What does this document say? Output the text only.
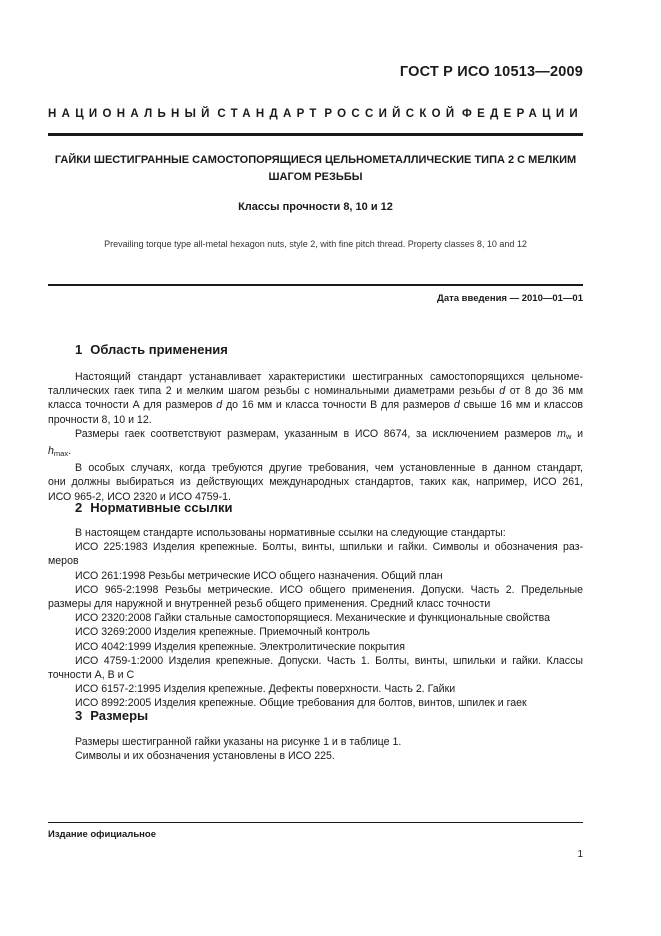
ГОСТ Р ИСО 10513—2009
НАЦИОНАЛЬНЫЙ СТАНДАРТ РОССИЙСКОЙ ФЕДЕРАЦИИ
ГАЙКИ ШЕСТИГРАННЫЕ САМОСТОПОРЯЩИЕСЯ ЦЕЛЬНОМЕТАЛЛИЧЕСКИЕ ТИПА 2 С МЕЛКИМ
ШАГОМ РЕЗЬБЫ
Классы прочности 8, 10 и 12
Prevailing torque type all-metal hexagon nuts, style 2, with fine pitch thread. Property classes 8, 10 and 12
Дата введения — 2010—01—01
1 Область применения
Настоящий стандарт устанавливает характеристики шестигранных самостопорящихся цельноме-
таллических гаек типа 2 и мелким шагом резьбы с номинальными диаметрами резьбы d от 8 до 36 мм
класса точности А для размеров d до 16 мм и класса точности В для размеров d свыше 16 мм и классов
прочности 8, 10 и 12.
Размеры гаек соответствуют размерам, указанным в ИСО 8674, за исключением размеров $m_w$ и
$h_{max}$.
В особых случаях, когда требуются другие требования, чем установленные в данном стандарт,
они должны выбираться из действующих международных стандартов, таких как, например, ИСО 261,
ИСО 965-2, ИСО 2320 и ИСО 4759-1.
2 Нормативные ссылки
В настоящем стандарте использованы нормативные ссылки на следующие стандарты:
ИСО 225:1983 Изделия крепежные. Болты, винты, шпильки и гайки. Символы и обозначения раз-
меров
ИСО 261:1998 Резьбы метрические ИСО общего назначения. Общий план
ИСО 965-2:1998 Резьбы метрические. ИСО общего применения. Допуски. Часть 2. Предельные
размеры для наружной и внутренней резьб общего применения. Средний класс точности
ИСО 2320:2008 Гайки стальные самостопорящиеся. Механические и функциональные свойства
ИСО 3269:2000 Изделия крепежные. Приемочный контроль
ИСО 4042:1999 Изделия крепежные. Электролитические покрытия
ИСО 4759-1:2000 Изделия крепежные. Допуски. Часть 1. Болты, винты, шпильки и гайки. Классы
точности А, В и С
ИСО 6157-2:1995 Изделия крепежные. Дефекты поверхности. Часть 2. Гайки
ИСО 8992:2005 Изделия крепежные. Общие требования для болтов, винтов, шпилек и гаек
3 Размеры
Размеры шестигранной гайки указаны на рисунке 1 и в таблице 1.
Символы и их обозначения установлены в ИСО 225.
Издание официальное
1
